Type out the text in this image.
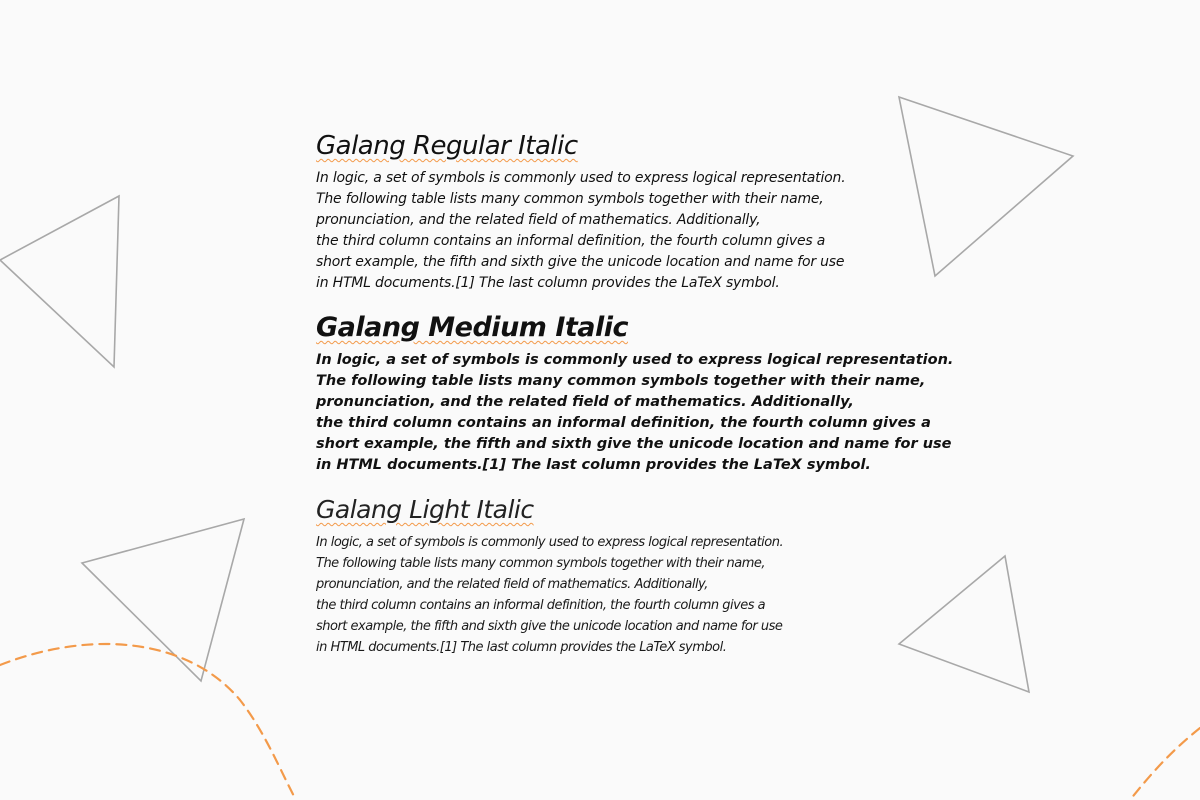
Galang Regular Italic

In logic, a set of symbols is commonly used to express logical representation.
The following table lists many common symbols together with their name,
pronunciation, and the related field of mathematics. Additionally,
the third column contains an informal definition, the fourth column gives a
short example, the fifth and sixth give the unicode location and name for use
in HTML documents.[1] The last column provides the LaTeX symbol.

Galang Medium Italic

In logic, a set of symbols is commonly used to express logical representation.
The following table lists many common symbols together with their name,
pronunciation, and the related field of mathematics. Additionally,
the third column contains an informal definition, the fourth column gives a
short example, the fifth and sixth give the unicode location and name for use
in HTML documents.[1] The last column provides the LaTeX symbol.

Galang Light Italic

In logic, a set of symbols is commonly used to express logical representation.
The following table lists many common symbols together with their name,
pronunciation, and the related field of mathematics. Additionally,
the third column contains an informal definition, the fourth column gives a
short example, the fifth and sixth give the unicode location and name for use
in HTML documents.[1] The last column provides the LaTeX symbol.
